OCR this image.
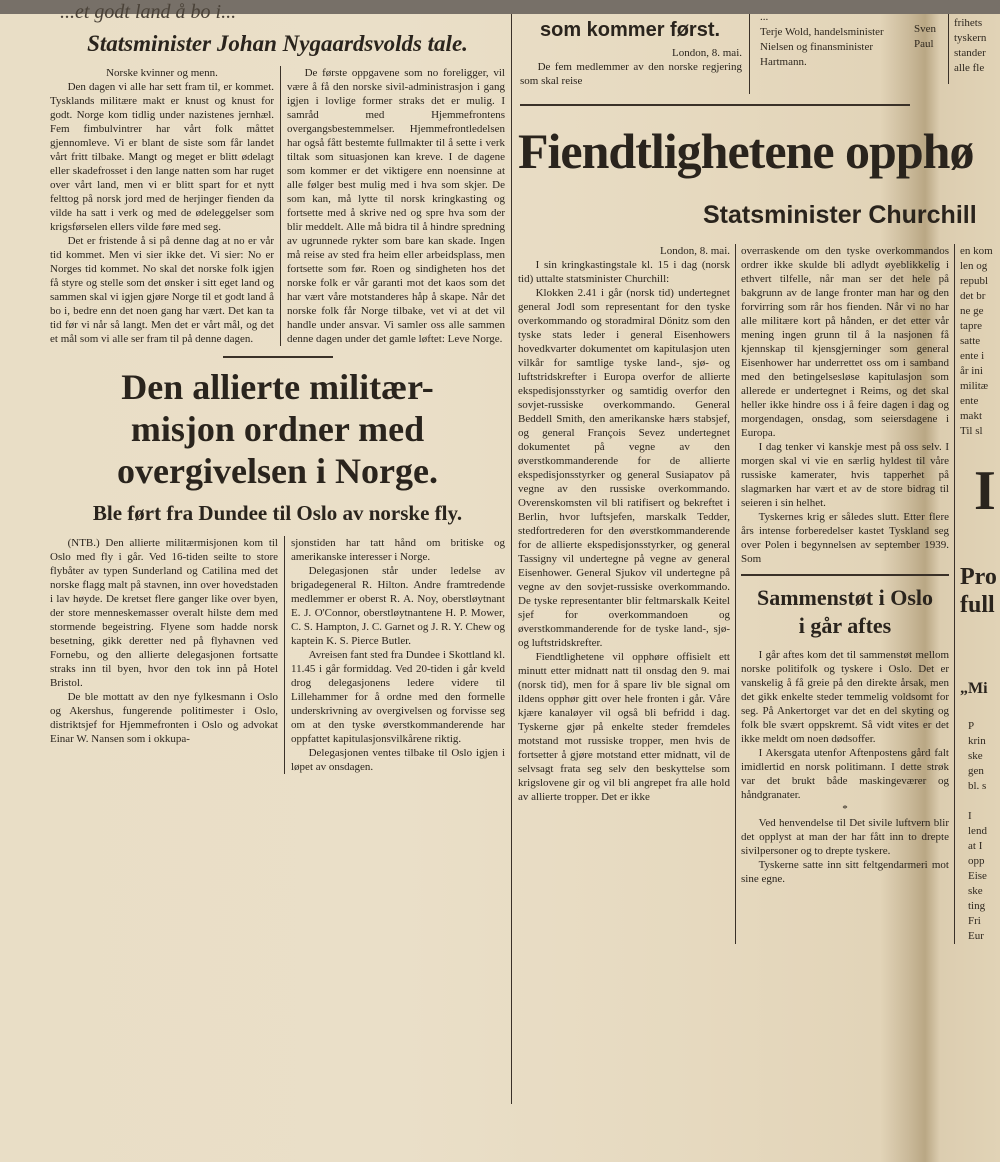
...et godt land å bo i...
Statsminister Johan Nygaardsvolds tale.

Norske kvinner og menn.

Den dagen vi alle har sett fram til, er kommet. Tysklands militære makt er knust og knust for godt. Norge kom tidlig under nazistenes jernhæl. Fem fimbulvintrer har vårt folk måttet gjennomleve. Vi er blant de siste som får landet vårt fritt tilbake. Mangt og meget er blitt ødelagt eller skadefrosset i den lange natten som har ruget over vårt land, men vi er blitt spart for et nytt felttog på norsk jord med de herjinger fienden da vilde ha satt i verk og med de ødeleggelser som krigsførselen ellers vilde føre med seg.

Det er fristende å si på denne dag at no er vår tid kommet. Men vi sier ikke det. Vi sier: No er Norges tid kommet. No skal det norske folk igjen få styre og stelle som det ønsker i sitt eget land og sammen skal vi igjen gjøre Norge til et godt land å bo i, bedre enn det noen gang har vært. Det kan ta tid før vi når så langt. Men det er vårt mål, og det et mål som vi alle ser fram til på denne dagen.

De første oppgavene som no foreligger, vil være å få den norske sivil-administrasjon i gang igjen i lovlige former straks det er mulig. I samråd med Hjemmefrontens overgangsbestemmelser. Hjemmefrontledelsen har også fått bestemte fullmakter til å sette i verk tiltak som situasjonen kan kreve. I de dagene som kommer er det viktigere enn noensinne at alle følger best mulig med i hva som skjer. De som kan, må lytte til norsk kringkasting og fortsette med å skrive ned og spre hva som der blir meddelt. Alle må bidra til å hindre spredning av ugrunnede rykter som bare kan skade. Ingen må reise av sted fra heim eller arbeidsplass, men fortsette som før. Roen og sindigheten hos det norske folk er vår garanti mot det kaos som det har vært våre motstanderes håp å skape. Når det norske folk får Norge tilbake, vet vi at det vil handle under ansvar. Vi samler oss alle sammen denne dagen under det gamle løftet: Leve Norge.

Den allierte militær-misjon ordner med overgivelsen i Norge.
Ble ført fra Dundee til Oslo av norske fly.

(NTB.) Den allierte militærmisjonen kom til Oslo med fly i går. Ved 16-tiden seilte to store flybåter av typen Sunderland og Catilina med det norske flagg malt på stavnen, inn over hovedstaden i lav høyde. De kretset flere ganger like over byen, der store menneskemasser overalt hilste dem med stormende begeistring. Flyene som hadde norsk besetning, gikk deretter ned på flyhavnen ved Fornebu, og den allierte delegasjonen fortsatte straks inn til byen, hvor den tok inn på Hotel Bristol.

De ble mottatt av den nye fylkesmann i Oslo og Akershus, fungerende politimester i Oslo, distriktsjef for Hjemmefronten i Oslo og advokat Einar W. Nansen som i okkupa-

sjonstiden har tatt hånd om britiske og amerikanske interesser i Norge.

Delegasjonen står under ledelse av brigadegeneral R. Hilton. Andre framtredende medlemmer er oberst R. A. Noy, oberstløytnant E. J. O'Connor, oberstløytnantene H. P. Mower, C. S. Hampton, J. C. Garnet og J. R. Y. Chew og kaptein K. S. Pierce Butler.

Avreisen fant sted fra Dundee i Skottland kl. 11.45 i går formiddag. Ved 20-tiden i går kveld drog delegasjonens ledere videre til Lillehammer for å ordne med den formelle underskrivning av overgivelsen og forvisse seg om at den tyske øverstkommanderende har oppfattet kapitulasjonsvilkårene riktig.

Delegasjonen ventes tilbake til Oslo igjen i løpet av onsdagen.

som kommer først.

London, 8. mai.

De fem medlemmer av den norske regjering som skal reise

...
Terje Wold, handelsminister
Nielsen og finansminister
Hartmann.
Sven
Paul
frihets
tyskern
stander
alle fle
Fiendtlighetene opphø
Statsminister Churchill

London, 8. mai.

I sin kringkastingstale kl. 15 i dag (norsk tid) uttalte statsminister Churchill:

Klokken 2.41 i går (norsk tid) undertegnet general Jodl som representant for den tyske overkommando og storadmiral Dönitz som den tyske stats leder i general Eisenhowers hovedkvarter dokumentet om kapitulasjon uten vilkår for samtlige tyske land-, sjø- og luftstridskrefter i Europa overfor de allierte ekspedisjonsstyrker og samtidig overfor den sovjet-russiske overkommando. General Beddell Smith, den amerikanske hærs stabsjef, og general François Sevez undertegnet dokumentet på vegne av den øverstkommanderende for de allierte ekspedisjonsstyrker og general Susiapatov på vegne av den russiske overkommando. Overenskomsten vil bli ratifisert og bekreftet i Berlin, hvor luftsjefen, marskalk Tedder, stedfortrederen for den øverstkommanderende for de allierte ekspedisjonsstyrker, og general Tassigny vil undertegne på vegne av general Eisenhower. General Sjukov vil undertegne på vegne av den sovjet-russiske overkommando. De tyske representanter blir feltmarskalk Keitel sjef for overkommandoen og øverstkommanderende for de tyske land-, sjø- og luftstridskrefter.

Fiendtlighetene vil opphøre offisielt ett minutt etter midnatt natt til onsdag den 9. mai (norsk tid), men for å spare liv ble signal om ildens opphør gitt over hele fronten i går. Våre kjære kanaløyer vil også bli befridd i dag. Tyskerne gjør på enkelte steder fremdeles motstand mot russiske tropper, men hvis de fortsetter å gjøre motstand etter midnatt, vil de selvsagt frata seg selv den beskyttelse som krigslovene gir og vil bli angrepet fra alle hold av allierte tropper. Det er ikke

overraskende om den tyske overkommandos ordrer ikke skulde bli adlydt øyeblikkelig i ethvert tilfelle, når man ser det hele på bakgrunn av de lange fronter man har og den forvirring som rår hos fienden. Når vi no har alle militære kort på hånden, er det etter vår mening ingen grunn til å la nasjonen få kjennskap til kjensgjerninger som general Eisenhower har underrettet oss om i samband med den betingelsesløse kapitulasjon som allerede er undertegnet i Reims, og det skal heller ikke hindre oss i å feire dagen i dag og morgendagen, onsdag, som seiersdagene i Europa.

I dag tenker vi kanskje mest på oss selv. I morgen skal vi vie en særlig hyldest til våre russiske kamerater, hvis tapperhet på slagmarken har vært et av de store bidrag til seieren i sin helhet.

Tyskernes krig er således slutt. Etter flere års intense forberedelser kastet Tyskland seg over Polen i begynnelsen av september 1939. Som

Sammenstøt i Oslo
i går aftes

I går aftes kom det til sammenstøt mellom norske politifolk og tyskere i Oslo. Det er vanskelig å få greie på den direkte årsak, men det gikk enkelte steder temmelig voldsomt for seg. På Ankertorget var det en del skyting og folk ble svært oppskremt. Så vidt vites er det ikke meldt om noen dødsoffer.

I Akersgata utenfor Aftenpostens gård falt imidlertid en norsk politimann. I dette strøk var det brukt både maskingeværer og håndgranater.

*

Ved henvendelse til Det sivile luftvern blir det opplyst at man der har fått inn to drepte sivilpersoner og to drepte tyskere.

Tyskerne satte inn sitt feltgendarmeri mot sine egne.

en kom
len og
republ
det br
ne ge
tapre
satte
ente i
år ini
militæ
ente
makt
Til sl
I
Pro
full
„Mi
P
krin
ske
gen
bl. s

I
lend
at I
opp
Eise
ske
ting
Fri
Eur
